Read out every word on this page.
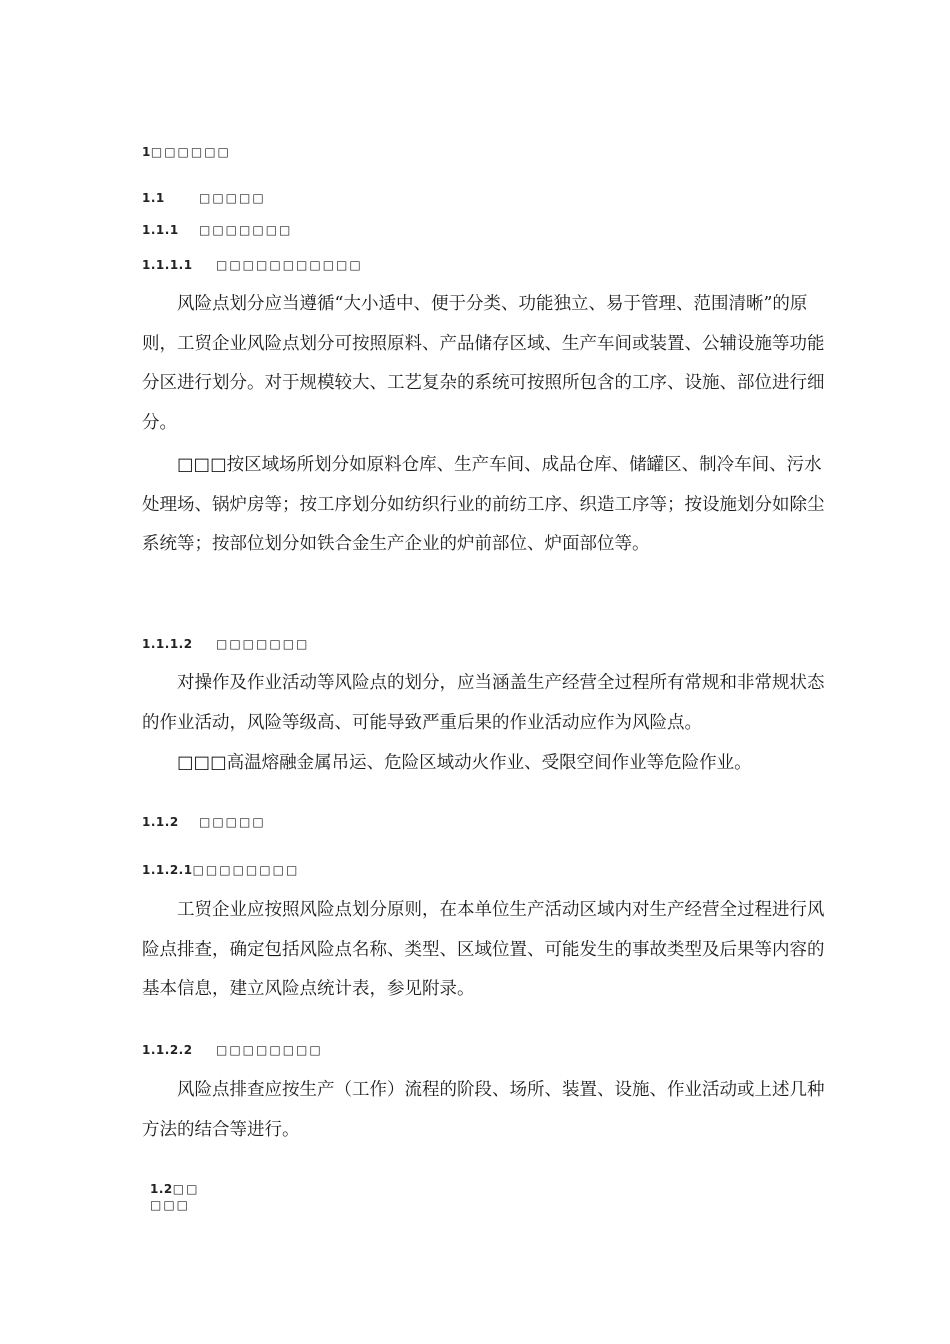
1□□□□□□
1.1	□□□□□
1.1.1 □□□□□□□
1.1.1.1 □□□□□□□□□□□

风险点划分应当遵循“大小适中、便于分类、功能独立、易于管理、范围清晰”的原则，工贸企业风险点划分可按照原料、产品储存区域、生产车间或装置、公辅设施等功能分区进行划分。对于规模较大、工艺复杂的系统可按照所包含的工序、设施、部位进行细分。

□□□按区域场所划分如原料仓库、生产车间、成品仓库、储罐区、制冷车间、污水处理场、锅炉房等；按工序划分如纺织行业的前纺工序、织造工序等；按设施划分如除尘系统等；按部位划分如铁合金生产企业的炉前部位、炉面部位等。

1.1.1.2 □□□□□□□

对操作及作业活动等风险点的划分，应当涵盖生产经营全过程所有常规和非常规状态的作业活动，风险等级高、可能导致严重后果的作业活动应作为风险点。

□□□高温熔融金属吊运、危险区域动火作业、受限空间作业等危险作业。

1.1.2 □□□□□
1.1.2.1□□□□□□□□

工贸企业应按照风险点划分原则，在本单位生产活动区域内对生产经营全过程进行风险点排查，确定包括风险点名称、类型、区域位置、可能发生的事故类型及后果等内容的基本信息，建立风险点统计表，参见附录。

1.1.2.2 □□□□□□□□

风险点排查应按生产（工作）流程的阶段、场所、装置、设施、作业活动或上述几种方法的结合等进行。

1.2□□
□□□
